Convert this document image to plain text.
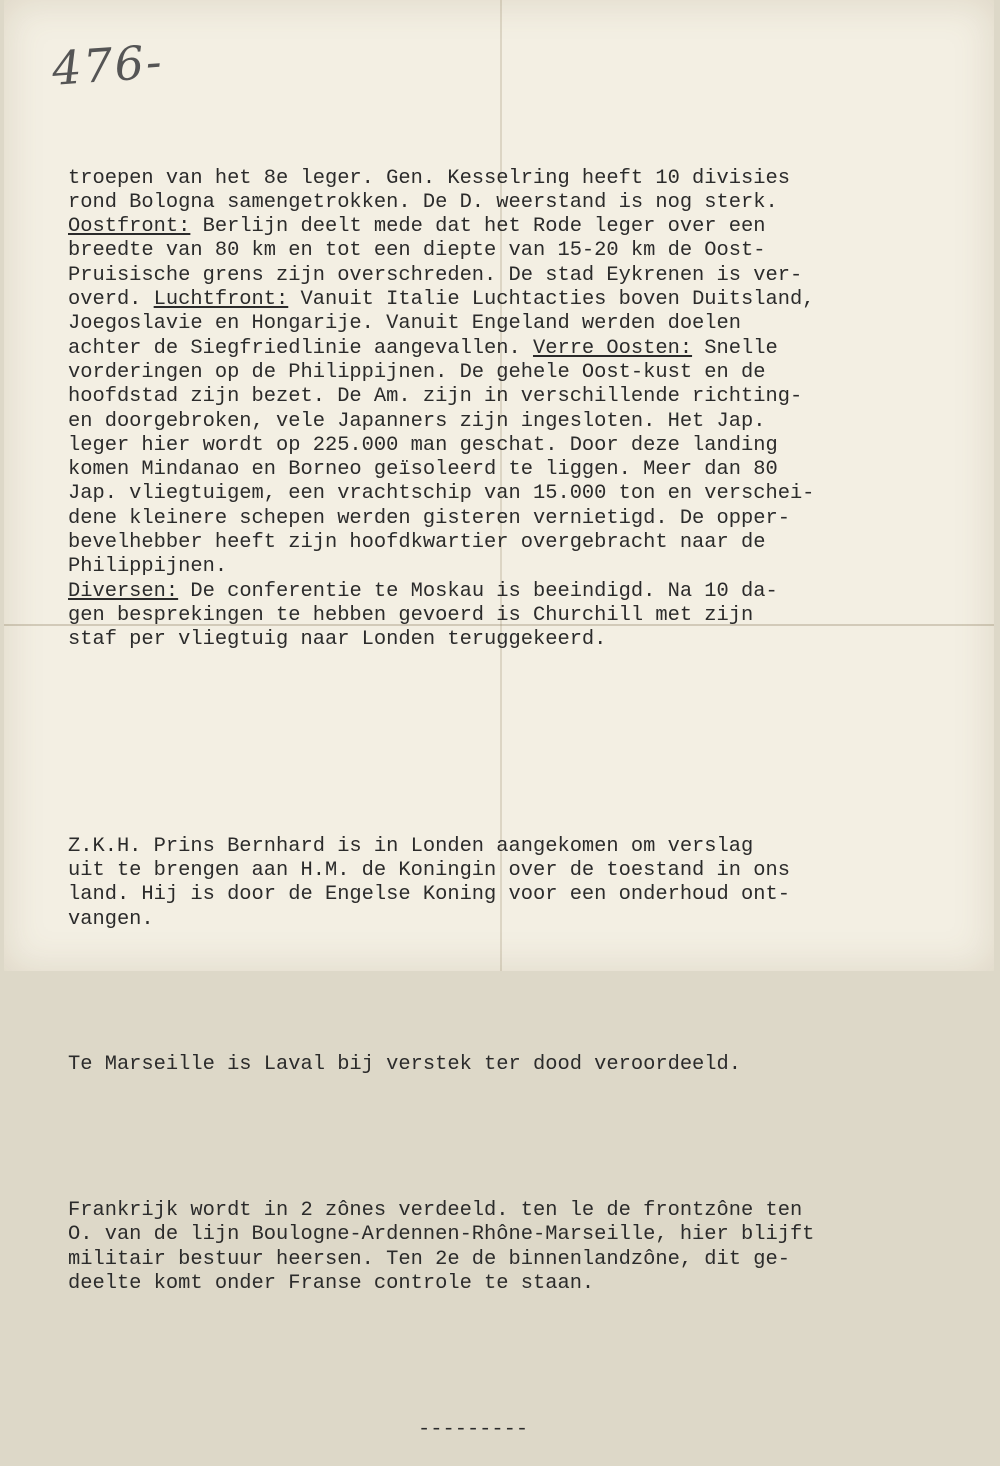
476-

troepen van het 8e leger. Gen. Kesselring heeft 10 divisies
rond Bologna samengetrokken. De D. weerstand is nog sterk.
Oostfront: Berlijn deelt mede dat het Rode leger over een
breedte van 80 km en tot een diepte van 15-20 km de Oost-
Pruisische grens zijn overschreden. De stad Eykrenen is ver-
overd. Luchtfront: Vanuit Italie Luchtacties boven Duitsland,
Joegoslavie en Hongarije. Vanuit Engeland werden doelen
achter de Siegfriedlinie aangevallen. Verre Oosten: Snelle
vorderingen op de Philippijnen. De gehele Oost-kust en de
hoofdstad zijn bezet. De Am. zijn in verschillende richting-
en doorgebroken, vele Japanners zijn ingesloten. Het Jap.
leger hier wordt op 225.000 man geschat. Door deze landing
komen Mindanao en Borneo geïsoleerd te liggen. Meer dan 80
Jap. vliegtuigem, een vrachtschip van 15.000 ton en verschei-
dene kleinere schepen werden gisteren vernietigd. De opper-
bevelhebber heeft zijn hoofdkwartier overgebracht naar de
Philippijnen.
Diversen: De conferentie te Moskau is beeindigd. Na 10 da-
gen besprekingen te hebben gevoerd is Churchill met zijn
staf per vliegtuig naar Londen teruggekeerd.

Z.K.H. Prins Bernhard is in Londen aangekomen om verslag
uit te brengen aan H.M. de Koningin over de toestand in ons
land. Hij is door de Engelse Koning voor een onderhoud ont-
vangen.

Te Marseille is Laval bij verstek ter dood veroordeeld.

Frankrijk wordt in 2 zônes verdeeld. ten le de frontzône ten
O. van de lijn Boulogne-Ardennen-Rhône-Marseille, hier blijft
militair bestuur heersen. Ten 2e de binnenlandzône, dit ge-
deelte komt onder Franse controle te staan.

---------
